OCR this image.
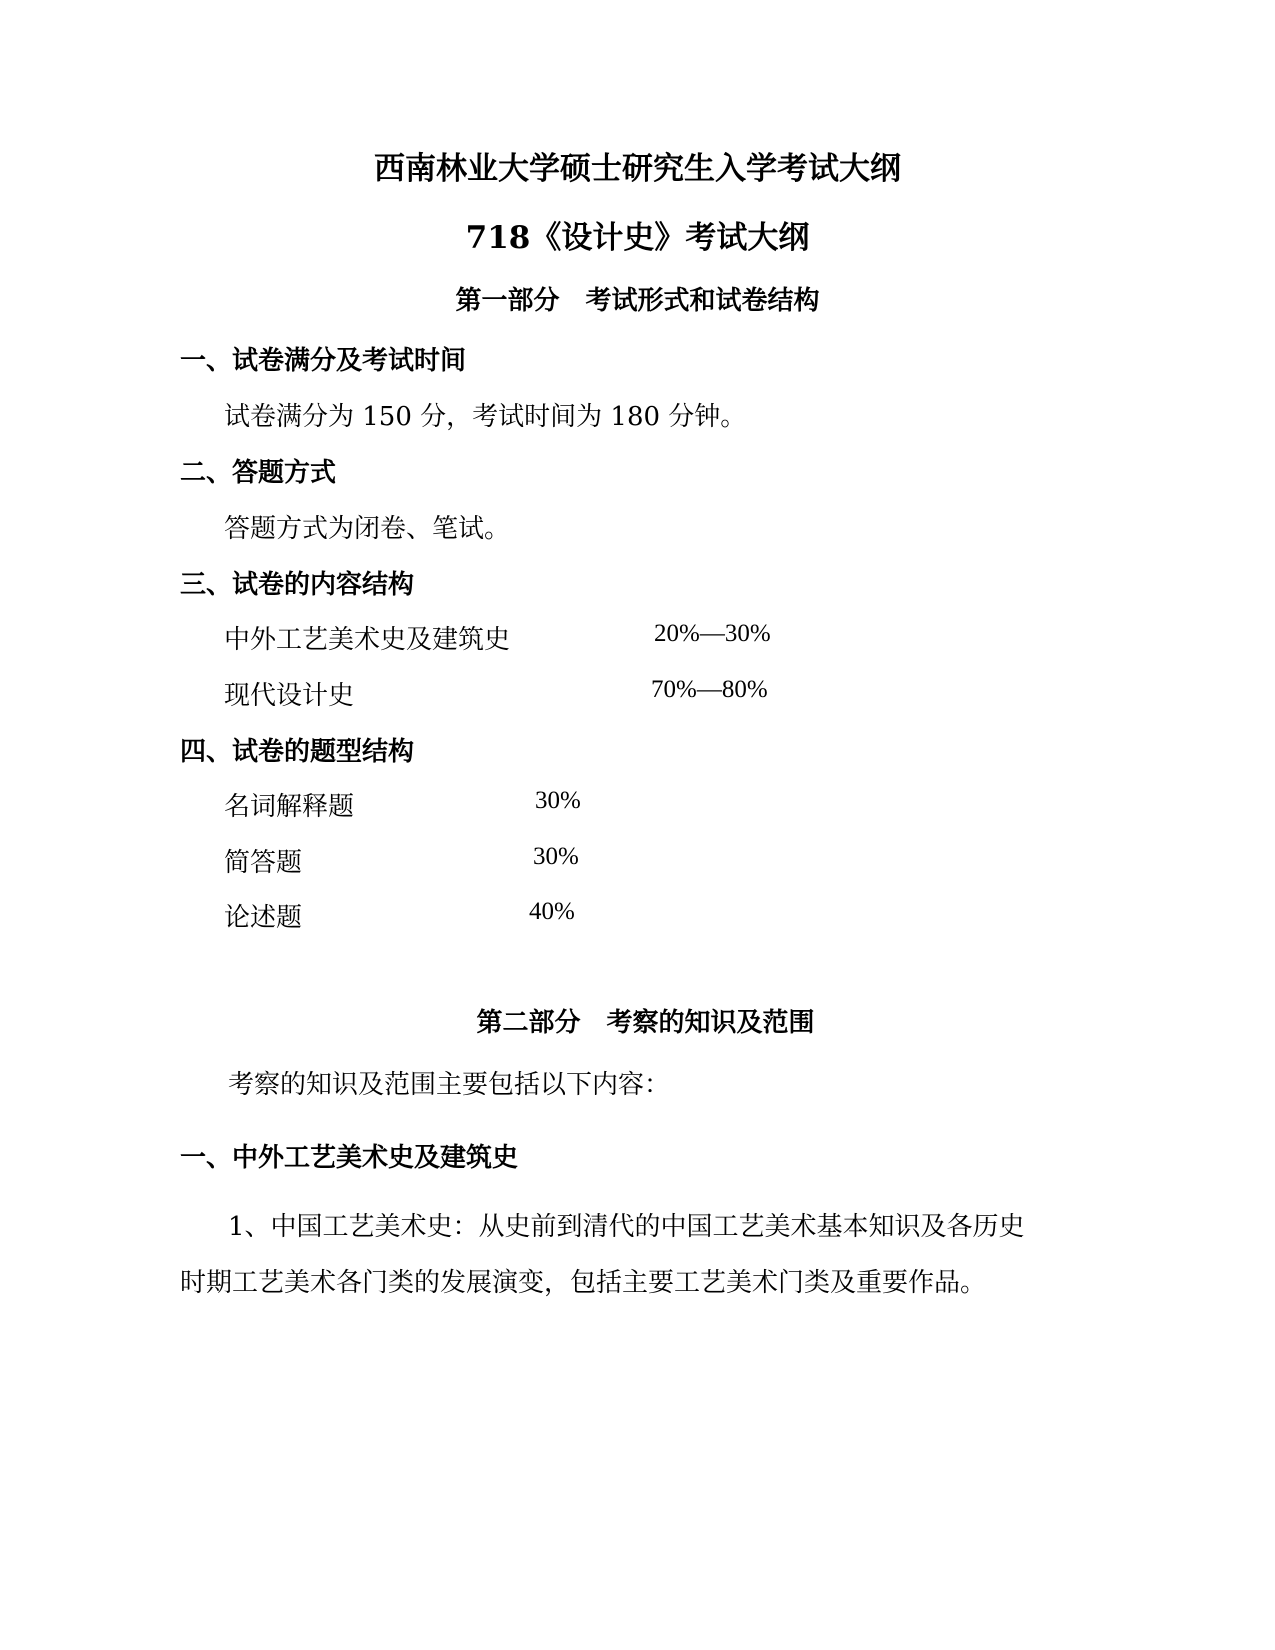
西南林业大学硕士研究生入学考试大纲
718《设计史》考试大纲
第一部分　考试形式和试卷结构
一、试卷满分及考试时间
试卷满分为 150 分，考试时间为 180 分钟。
二、答题方式
答题方式为闭卷、笔试。
三、试卷的内容结构
中外工艺美术史及建筑史	20%—30%
现代设计史	70%—80%
四、试卷的题型结构
名词解释题	30%
简答题	30%
论述题	40%
第二部分　考察的知识及范围
考察的知识及范围主要包括以下内容：
一、中外工艺美术史及建筑史
1、中国工艺美术史：从史前到清代的中国工艺美术基本知识及各历史时期工艺美术各门类的发展演变，包括主要工艺美术门类及重要作品。
